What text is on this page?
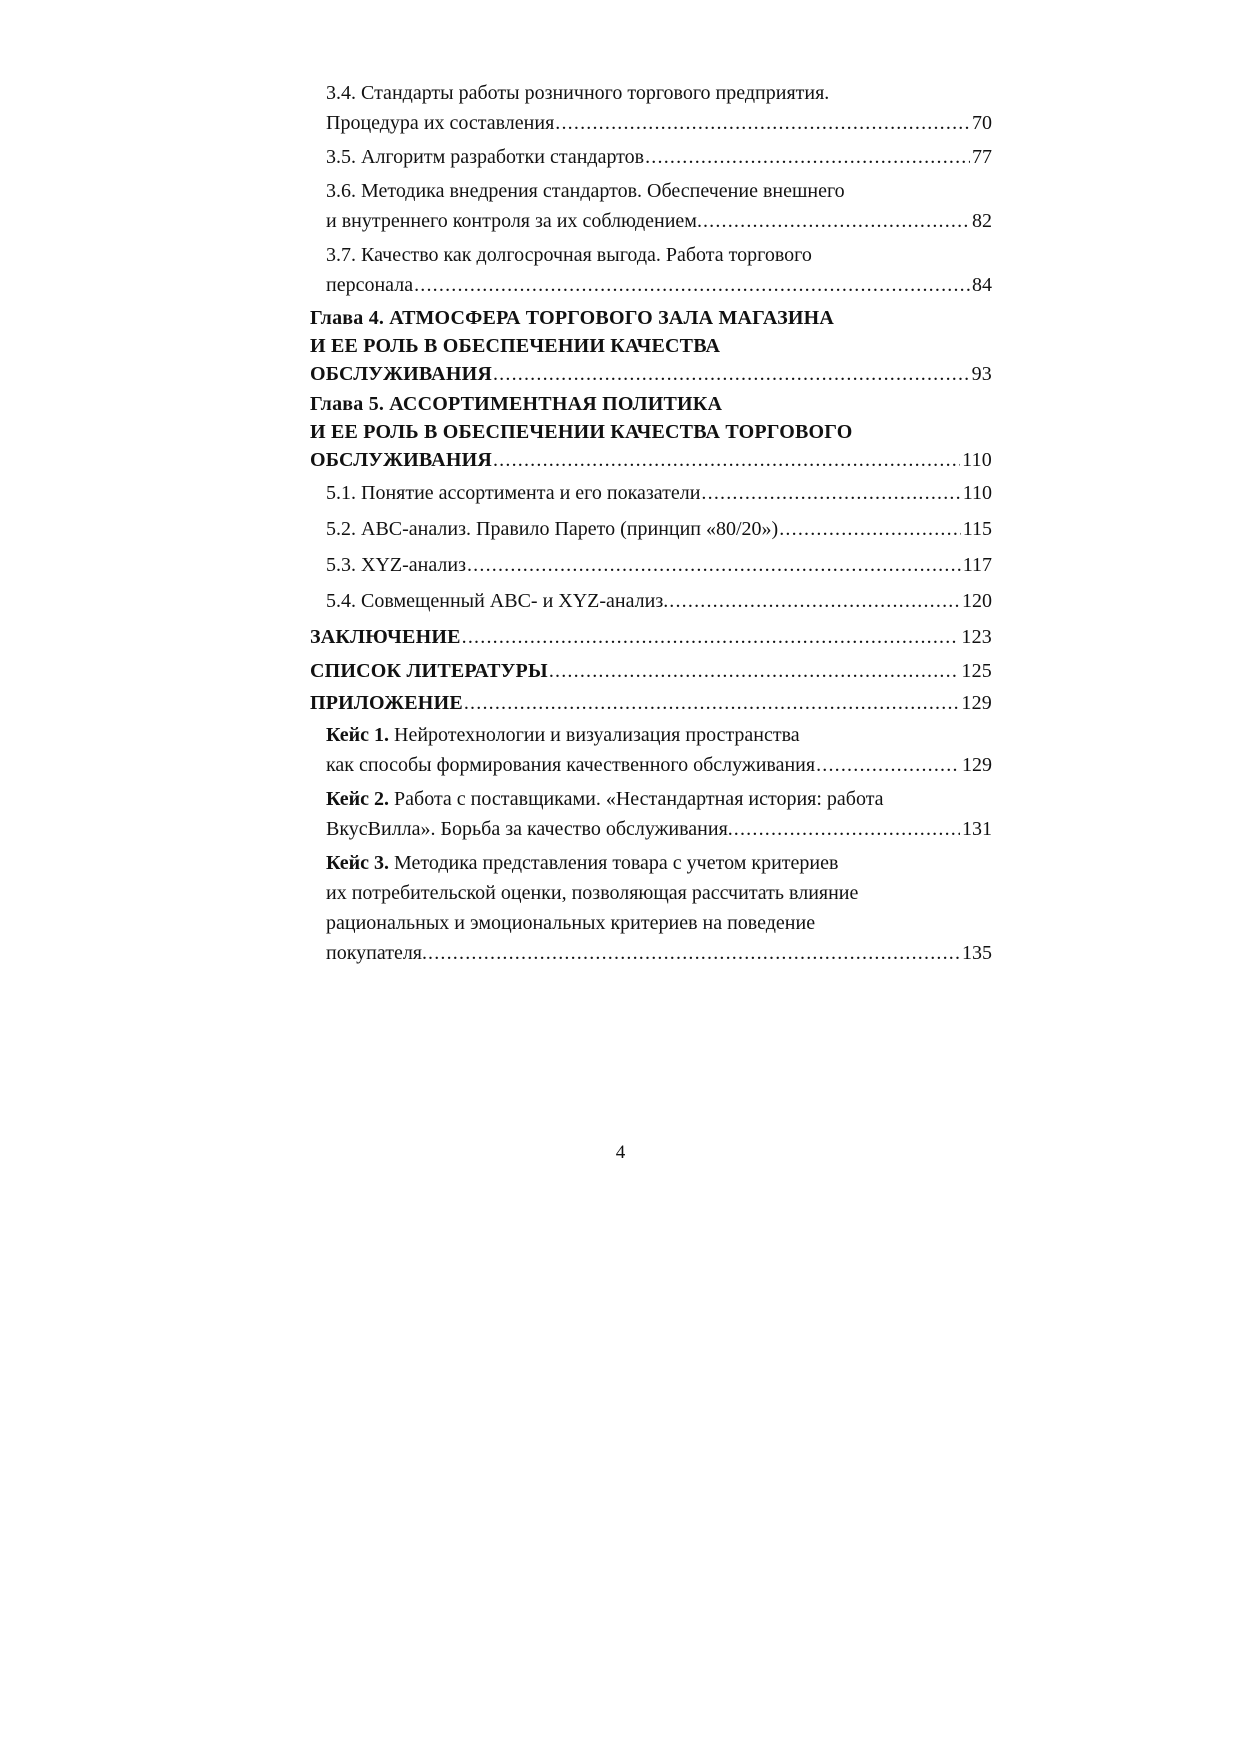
3.4. Стандарты работы розничного торгового предприятия.
Процедура их составления .....	70
3.5. Алгоритм разработки стандартов .....	77
3.6. Методика внедрения стандартов. Обеспечение внешнего
и внутреннего контроля за их соблюдением. .....	82
3.7. Качество как долгосрочная выгода. Работа торгового
персонала .....	84
Глава 4. АТМОСФЕРА ТОРГОВОГО ЗАЛА МАГАЗИНА
И ЕЕ РОЛЬ В ОБЕСПЕЧЕНИИ КАЧЕСТВА
ОБСЛУЖИВАНИЯ .....	93
Глава 5. АССОРТИМЕНТНАЯ ПОЛИТИКА
И ЕЕ РОЛЬ В ОБЕСПЕЧЕНИИ КАЧЕСТВА ТОРГОВОГО
ОБСЛУЖИВАНИЯ .....	110
5.1. Понятие ассортимента и его показатели .....	110
5.2. АВС-анализ. Правило Парето (принцип «80/20») .....	115
5.3. XYZ-анализ .....	117
5.4. Совмещенный АВС- и XYZ-анализ. .....	120
ЗАКЛЮЧЕНИЕ .....	123
СПИСОК ЛИТЕРАТУРЫ .....	125
ПРИЛОЖЕНИЕ .....	129
Кейс 1. Нейротехнологии и визуализация пространства
как способы формирования качественного обслуживания .....	129
Кейс 2. Работа с поставщиками. «Нестандартная история: работа
ВкусВилла». Борьба за качество обслуживания. .....	131
Кейс 3. Методика представления товара с учетом критериев
их потребительской оценки, позволяющая рассчитать влияние
рациональных и эмоциональных критериев на поведение
покупателя. .....	135
4
